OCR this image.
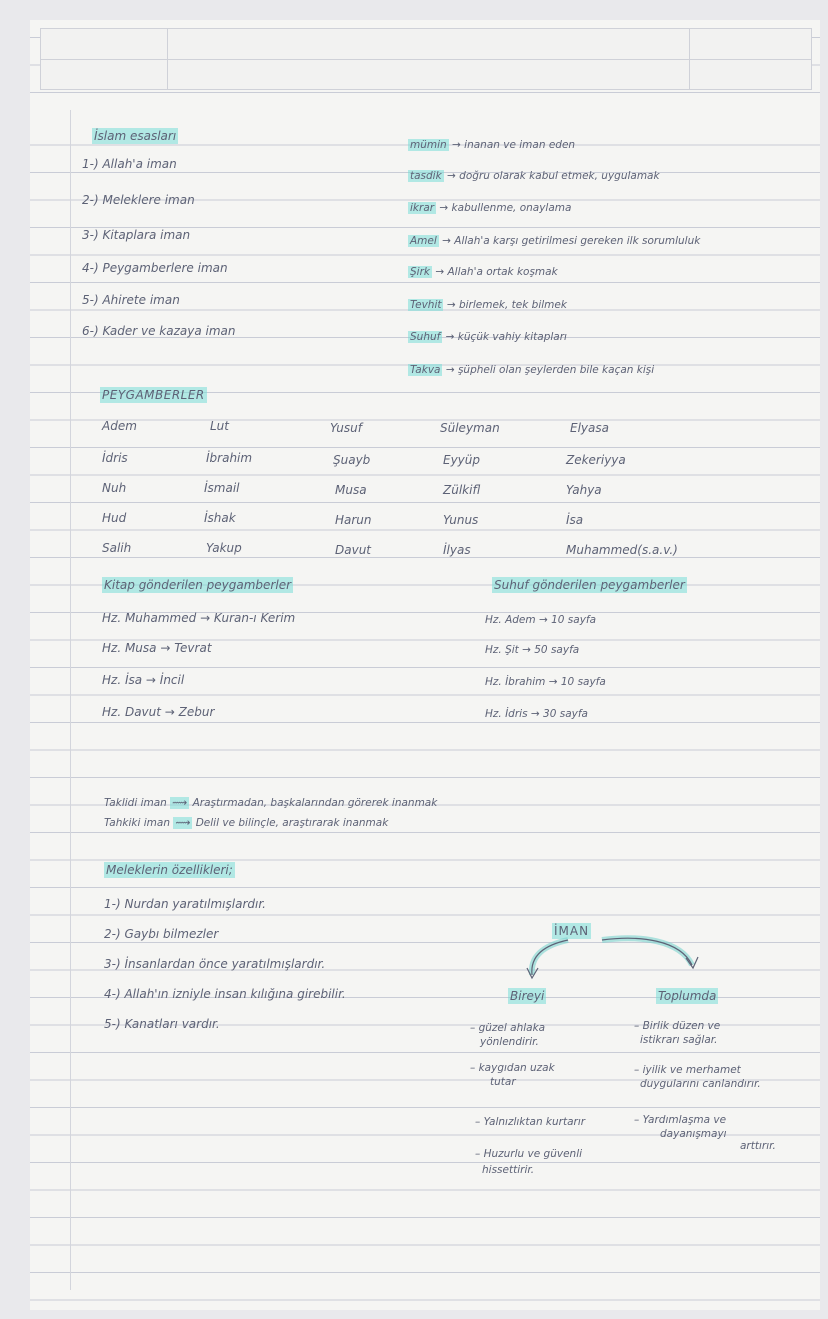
İslam esasları
1-) Allah'a iman
2-) Meleklere iman
3-) Kitaplara iman
4-) Peygamberlere iman
5-) Ahirete iman
6-) Kader ve kazaya iman
mümin → inanan ve iman eden
tasdik → doğru olarak kabul etmek, uygulamak
ikrar → kabullenme, onaylama
Amel → Allah'a karşı getirilmesi gereken ilk sorumluluk
Şirk → Allah'a ortak koşmak
Tevhit → birlemek, tek bilmek
Suhuf → küçük vahiy kitapları
Takva → şüpheli olan şeylerden bile kaçan kişi
PEYGAMBERLER
Adem
İdris
Nuh
Hud
Salih
Lut
İbrahim
İsmail
İshak
Yakup
Yusuf
Şuayb
Musa
Harun
Davut
Süleyman
Eyyüp
Zülkifl
Yunus
İlyas
Elyasa
Zekeriyya
Yahya
İsa
Muhammed(s.a.v.)
Kitap gönderilen peygamberler
Hz. Muhammed → Kuran-ı Kerim
Hz. Musa → Tevrat
Hz. İsa → İncil
Hz. Davut → Zebur
Suhuf gönderilen peygamberler
Hz. Adem → 10 sayfa
Hz. Şit → 50 sayfa
Hz. İbrahim → 10 sayfa
Hz. İdris → 30 sayfa
Taklidi iman ⟿ Araştırmadan, başkalarından görerek inanmak
Tahkiki iman ⟿ Delil ve bilinçle, araştırarak inanmak
Meleklerin özellikleri;
1-) Nurdan yaratılmışlardır.
2-) Gaybı bilmezler
3-) İnsanlardan önce yaratılmışlardır.
4-) Allah'ın izniyle insan kılığına girebilir.
5-) Kanatları vardır.
İMAN
Bireyi
– güzel ahlaka
yönlendirir.
– kaygıdan uzak
tutar
– Yalnızlıktan kurtarır
– Huzurlu ve güvenli
hissettirir.
Toplumda
– Birlik düzen ve
istikrarı sağlar.
– iyilik ve merhamet
duygularını canlandırır.
– Yardımlaşma ve
dayanışmayı
arttırır.
